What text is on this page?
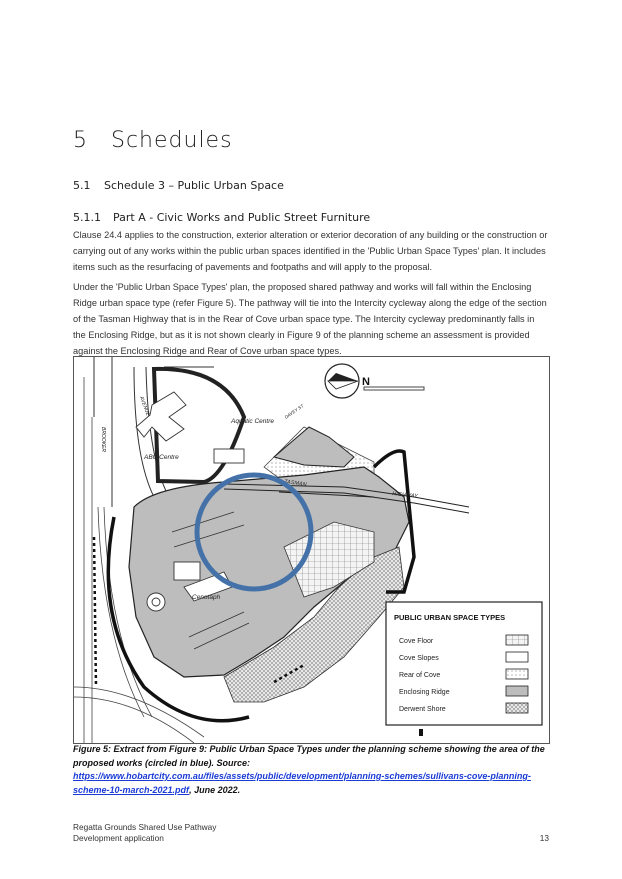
5 Schedules
5.1 Schedule 3 – Public Urban Space
5.1.1 Part A - Civic Works and Public Street Furniture

Clause 24.4 applies to the construction, exterior alteration or exterior decoration of any building or the construction or carrying out of any works within the public urban spaces identified in the 'Public Urban Space Types' plan. It includes items such as the resurfacing of pavements and footpaths and will apply to the proposal.

Under the 'Public Urban Space Types' plan, the proposed shared pathway and works will fall within the Enclosing Ridge urban space type (refer Figure 5). The pathway will tie into the Intercity cycleway along the edge of the section of the Tasman Highway that is in the Rear of Cove urban space type. The Intercity cycleway predominantly falls in the Enclosing Ridge, but as it is not shown clearly in Figure 9 of the planning scheme an assessment is provided against the Enclosing Ridge and Rear of Cove urban space types.

N
Aquatic Centre
ABC Centre
Cenotaph
TASMAN
HIGHWAY
BROOKER
AVENUE	DAVEY ST
PUBLIC URBAN SPACE TYPES
Cove Floor
Cove Slopes
Rear of Cove
Enclosing Ridge
Derwent Shore
Figure 5: Extract from Figure 9: Public Urban Space Types under the planning scheme showing the area of the proposed works (circled in blue). Source: https://www.hobartcity.com.au/files/assets/public/development/planning-schemes/sullivans-cove-planning-scheme-10-march-2021.pdf, June 2022.
Regatta Grounds Shared Use Pathway
Development application	13
